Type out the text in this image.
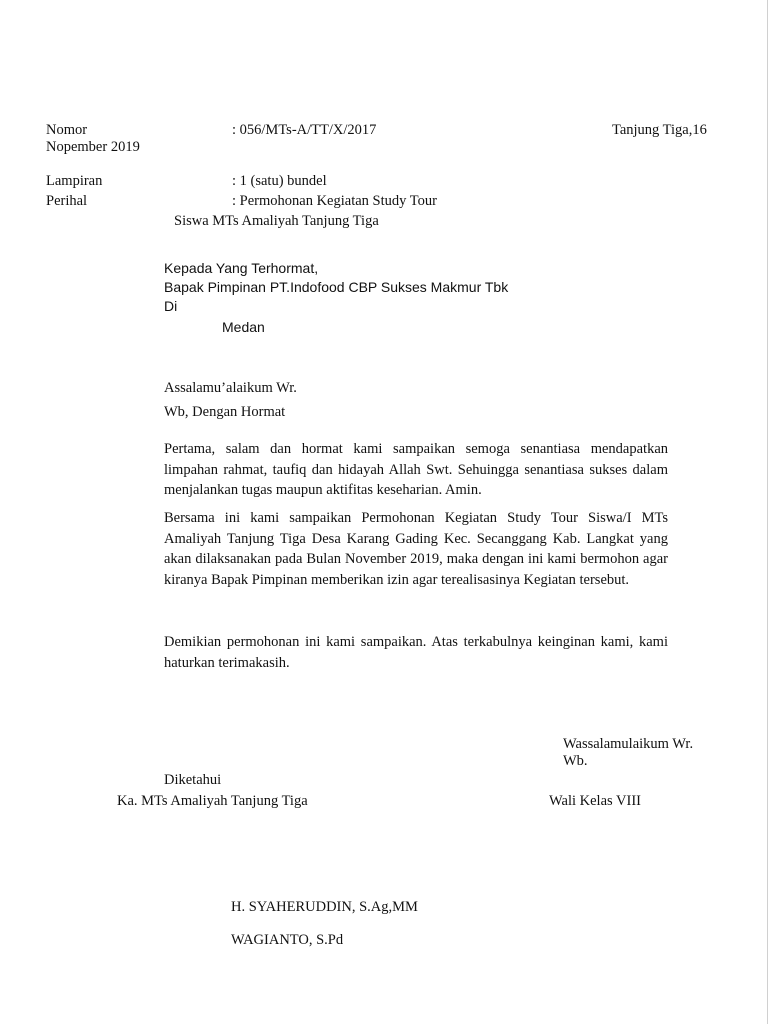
Nomor	: 056/MTs-A/TT/X/2017	Tanjung Tiga,16
Nopember 2019
Lampiran	: 1 (satu) bundel
Perihal	: Permohonan Kegiatan Study Tour
Siswa MTs Amaliyah Tanjung Tiga
Kepada Yang Terhormat,
Bapak Pimpinan PT.Indofood CBP Sukses Makmur Tbk
Di
Medan
Assalamu’alaikum Wr.
Wb, Dengan Hormat
Pertama, salam dan hormat kami sampaikan semoga senantiasa mendapatkan limpahan rahmat, taufiq dan hidayah Allah Swt. Sehuingga senantiasa sukses dalam menjalankan tugas maupun aktifitas keseharian. Amin.
Bersama ini kami sampaikan Permohonan Kegiatan Study Tour Siswa/I MTs Amaliyah Tanjung Tiga Desa Karang Gading Kec. Secanggang Kab. Langkat yang akan dilaksanakan pada Bulan November 2019, maka dengan ini kami bermohon agar kiranya Bapak Pimpinan memberikan izin agar terealisasinya Kegiatan tersebut.
Demikian permohonan ini kami sampaikan. Atas terkabulnya keinginan kami, kami haturkan terimakasih.
Wassalamulaikum Wr.
Wb.
Diketahui
Ka. MTs Amaliyah Tanjung Tiga	Wali Kelas VIII
H. SYAHERUDDIN, S.Ag,MM
WAGIANTO, S.Pd
